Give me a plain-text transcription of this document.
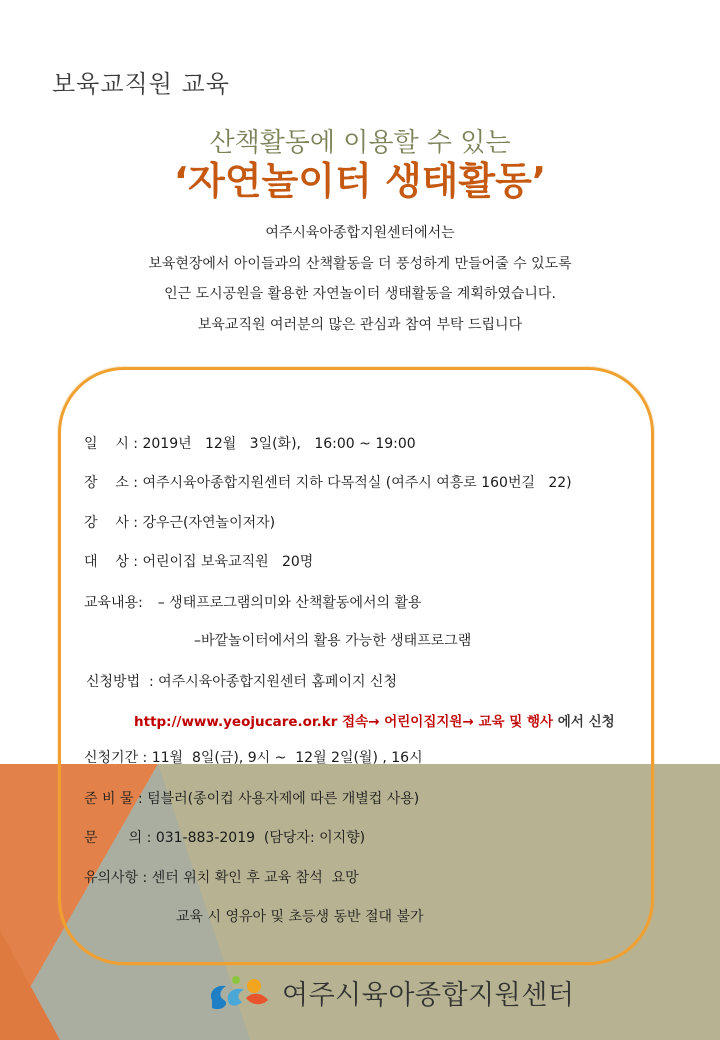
보육교직원 교육
산책활동에 이용할 수 있는
‘자연놀이터 생태활동’
여주시육아종합지원센터에서는
보육현장에서 아이들과의 산책활동을 더 풍성하게 만들어줄 수 있도록
인근 도시공원을 활용한 자연놀이터 생태활동을 계획하였습니다.
보육교직원 여러분의 많은 관심과 참여 부탁 드립니다
일    시 : 2019년   12월   3일(화),   16:00 ~ 19:00
장    소 : 여주시육아종합지원센터 지하 다목적실 (여주시 여흥로 160번길   22)
강    사 : 강우근(자연놀이저자)
대    상 : 어린이집 보육교직원   20명
교육내용:  – 생태프로그램의미와 산책활동에서의 활용
–바깥놀이터에서의 활용 가능한 생태프로그램
신청방법  : 여주시육아종합지원센터 홈페이지 신청
http://www.yeojucare.or.kr 접속→ 어린이집지원→ 교육 및 행사 에서 신청
신청기간 : 11월  8일(금), 9시 ~  12월 2일(월) , 16시
준 비 물 : 텀블러(종이컵 사용자제에 따른 개별컵 사용)
문       의 : 031-883-2019  (담당자: 이지향)
유의사항 : 센터 위치 확인 후 교육 참석  요망
교육 시 영유아 및 초등생 동반 절대 불가
여주시육아종합지원센터
